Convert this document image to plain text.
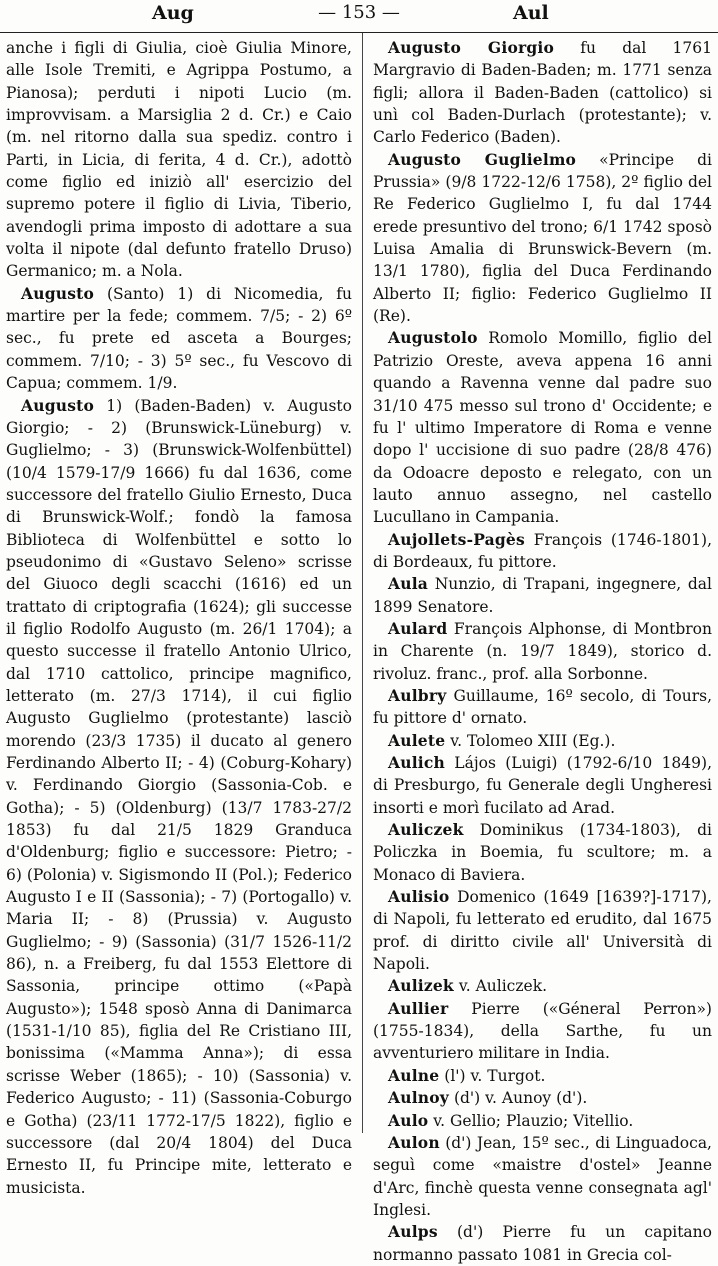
Aug	— 153 —	Aul

anche i figli di Giulia, cioè Giulia Minore, alle Isole Tremiti, e Agrippa Postumo, a Pianosa); perduti i nipoti Lucio (m. improvvisam. a Marsiglia 2 d. Cr.) e Caio (m. nel ritorno dalla sua spediz. contro i Parti, in Licia, di ferita, 4 d. Cr.), adottò come figlio ed iniziò all' esercizio del supremo potere il figlio di Livia, Tiberio, avendogli prima imposto di adottare a sua volta il nipote (dal defunto fratello Druso) Germanico; m. a Nola.

Augusto (Santo) 1) di Nicomedia, fu martire per la fede; commem. 7/5; - 2) 6º sec., fu prete ed asceta a Bourges; commem. 7/10; - 3) 5º sec., fu Vescovo di Capua; commem. 1/9.

Augusto 1) (Baden-Baden) v. Augusto Giorgio; - 2) (Brunswick-Lüneburg) v. Guglielmo; - 3) (Brunswick-Wolfenbüttel) (10/4 1579-17/9 1666) fu dal 1636, come successore del fratello Giulio Ernesto, Duca di Brunswick-Wolf.; fondò la famosa Biblioteca di Wolfenbüttel e sotto lo pseudonimo di «Gustavo Seleno» scrisse del Giuoco degli scacchi (1616) ed un trattato di criptografia (1624); gli successe il figlio Rodolfo Augusto (m. 26/1 1704); a questo successe il fratello Antonio Ulrico, dal 1710 cattolico, principe magnifico, letterato (m. 27/3 1714), il cui figlio Augusto Guglielmo (protestante) lasciò morendo (23/3 1735) il ducato al genero Ferdinando Alberto II; - 4) (Coburg-Kohary) v. Ferdinando Giorgio (Sassonia-Cob. e Gotha); - 5) (Oldenburg) (13/7 1783-27/2 1853) fu dal 21/5 1829 Granduca d'Oldenburg; figlio e successore: Pietro; - 6) (Polonia) v. Sigismondo II (Pol.); Federico Augusto I e II (Sassonia); - 7) (Portogallo) v. Maria II; - 8) (Prussia) v. Augusto Guglielmo; - 9) (Sassonia) (31/7 1526-11/2 86), n. a Freiberg, fu dal 1553 Elettore di Sassonia, principe ottimo («Papà Augusto»); 1548 sposò Anna di Danimarca (1531-1/10 85), figlia del Re Cristiano III, bonissima («Mamma Anna»); di essa scrisse Weber (1865); - 10) (Sassonia) v. Federico Augusto; - 11) (Sassonia-Coburgo e Gotha) (23/11 1772-17/5 1822), figlio e successore (dal 20/4 1804) del Duca Ernesto II, fu Principe mite, letterato e musicista.

Augusto Giorgio fu dal 1761 Margravio di Baden-Baden; m. 1771 senza figli; allora il Baden-Baden (cattolico) si unì col Baden-Durlach (protestante); v. Carlo Federico (Baden).

Augusto Guglielmo «Principe di Prussia» (9/8 1722-12/6 1758), 2º figlio del Re Federico Guglielmo I, fu dal 1744 erede presuntivo del trono; 6/1 1742 sposò Luisa Amalia di Brunswick-Bevern (m. 13/1 1780), figlia del Duca Ferdinando Alberto II; figlio: Federico Guglielmo II (Re).

Augustolo Romolo Momillo, figlio del Patrizio Oreste, aveva appena 16 anni quando a Ravenna venne dal padre suo 31/10 475 messo sul trono d' Occidente; e fu l' ultimo Imperatore di Roma e venne dopo l' uccisione di suo padre (28/8 476) da Odoacre deposto e relegato, con un lauto annuo assegno, nel castello Lucullano in Campania.

Aujollets-Pagès François (1746-1801), di Bordeaux, fu pittore.

Aula Nunzio, di Trapani, ingegnere, dal 1899 Senatore.

Aulard François Alphonse, di Montbron in Charente (n. 19/7 1849), storico d. rivoluz. franc., prof. alla Sorbonne.

Aulbry Guillaume, 16º secolo, di Tours, fu pittore d' ornato.

Aulete v. Tolomeo XIII (Eg.).

Aulich Lájos (Luigi) (1792-6/10 1849), di Presburgo, fu Generale degli Ungheresi insorti e morì fucilato ad Arad.

Auliczek Dominikus (1734-1803), di Policzka in Boemia, fu scultore; m. a Monaco di Baviera.

Aulisio Domenico (1649 [1639?]-1717), di Napoli, fu letterato ed erudito, dal 1675 prof. di diritto civile all' Università di Napoli.

Aulizek v. Auliczek.

Aullier Pierre («Géneral Perron») (1755-1834), della Sarthe, fu un avventuriero militare in India.

Aulne (l') v. Turgot.

Aulnoy (d') v. Aunoy (d').

Aulo v. Gellio; Plauzio; Vitellio.

Aulon (d') Jean, 15º sec., di Linguadoca, seguì come «maistre d'ostel» Jeanne d'Arc, finchè questa venne consegnata agl' Inglesi.

Aulps (d') Pierre fu un capitano normanno passato 1081 in Grecia col-
